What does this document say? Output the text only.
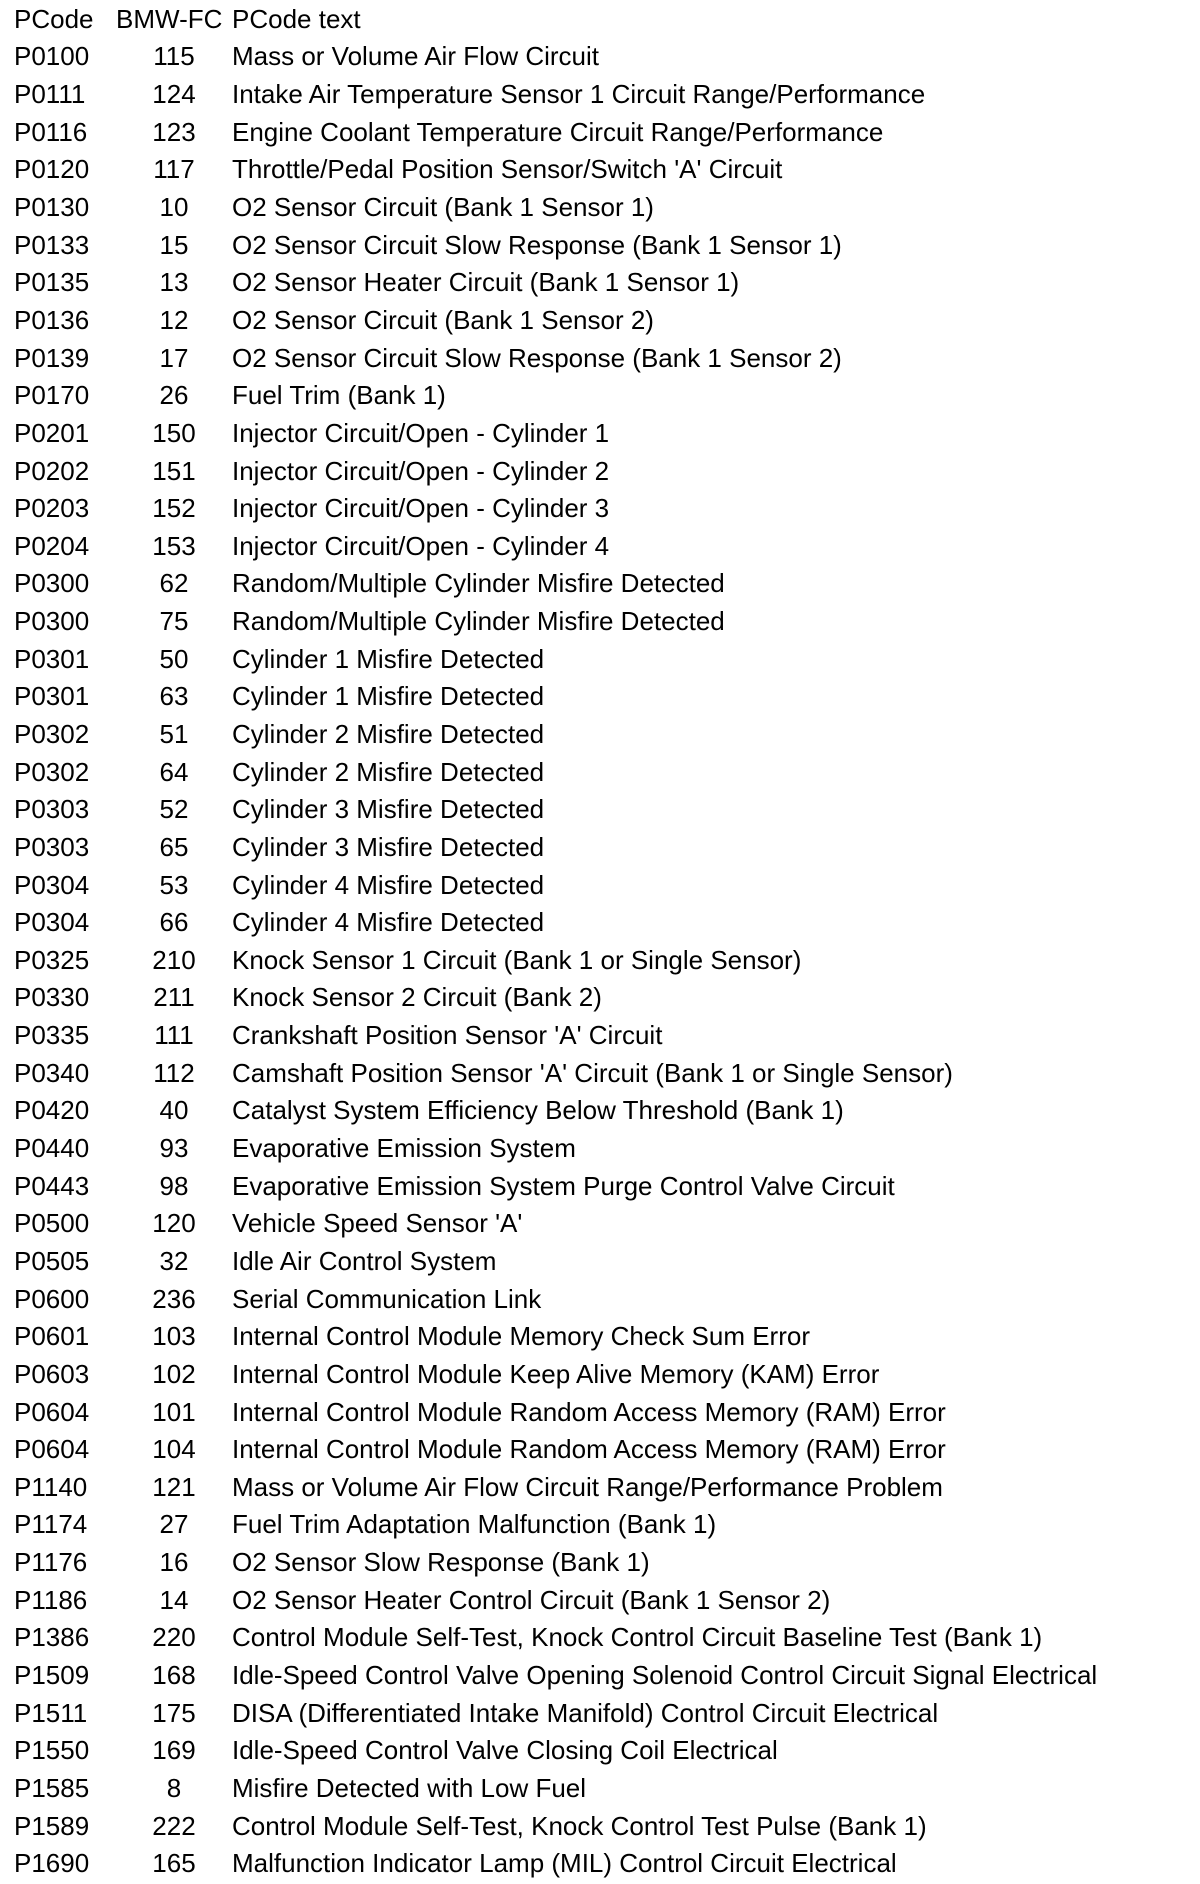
PCode	BMW-FC	PCode text
P0100	115	Mass or Volume Air Flow Circuit
P0111	124	Intake Air Temperature Sensor 1 Circuit Range/Performance
P0116	123	Engine Coolant Temperature Circuit Range/Performance
P0120	117	Throttle/Pedal Position Sensor/Switch 'A' Circuit
P0130	10	O2 Sensor Circuit (Bank 1 Sensor 1)
P0133	15	O2 Sensor Circuit Slow Response (Bank 1 Sensor 1)
P0135	13	O2 Sensor Heater Circuit (Bank 1 Sensor 1)
P0136	12	O2 Sensor Circuit (Bank 1 Sensor 2)
P0139	17	O2 Sensor Circuit Slow Response (Bank 1 Sensor 2)
P0170	26	Fuel Trim (Bank 1)
P0201	150	Injector Circuit/Open - Cylinder 1
P0202	151	Injector Circuit/Open - Cylinder 2
P0203	152	Injector Circuit/Open - Cylinder 3
P0204	153	Injector Circuit/Open - Cylinder 4
P0300	62	Random/Multiple Cylinder Misfire Detected
P0300	75	Random/Multiple Cylinder Misfire Detected
P0301	50	Cylinder 1 Misfire Detected
P0301	63	Cylinder 1 Misfire Detected
P0302	51	Cylinder 2 Misfire Detected
P0302	64	Cylinder 2 Misfire Detected
P0303	52	Cylinder 3 Misfire Detected
P0303	65	Cylinder 3 Misfire Detected
P0304	53	Cylinder 4 Misfire Detected
P0304	66	Cylinder 4 Misfire Detected
P0325	210	Knock Sensor 1 Circuit (Bank 1 or Single Sensor)
P0330	211	Knock Sensor 2 Circuit (Bank 2)
P0335	111	Crankshaft Position Sensor 'A' Circuit
P0340	112	Camshaft Position Sensor 'A' Circuit (Bank 1 or Single Sensor)
P0420	40	Catalyst System Efficiency Below Threshold (Bank 1)
P0440	93	Evaporative Emission System
P0443	98	Evaporative Emission System Purge Control Valve Circuit
P0500	120	Vehicle Speed Sensor 'A'
P0505	32	Idle Air Control System
P0600	236	Serial Communication Link
P0601	103	Internal Control Module Memory Check Sum Error
P0603	102	Internal Control Module Keep Alive Memory (KAM) Error
P0604	101	Internal Control Module Random Access Memory (RAM) Error
P0604	104	Internal Control Module Random Access Memory (RAM) Error
P1140	121	Mass or Volume Air Flow Circuit Range/Performance Problem
P1174	27	Fuel Trim Adaptation Malfunction (Bank 1)
P1176	16	O2 Sensor Slow Response (Bank 1)
P1186	14	O2 Sensor Heater Control Circuit (Bank 1 Sensor 2)
P1386	220	Control Module Self-Test, Knock Control Circuit Baseline Test (Bank 1)
P1509	168	Idle-Speed Control Valve Opening Solenoid Control Circuit Signal Electrical
P1511	175	DISA (Differentiated Intake Manifold) Control Circuit Electrical
P1550	169	Idle-Speed Control Valve Closing Coil Electrical
P1585	8	Misfire Detected with Low Fuel
P1589	222	Control Module Self-Test, Knock Control Test Pulse (Bank 1)
P1690	165	Malfunction Indicator Lamp (MIL) Control Circuit Electrical
